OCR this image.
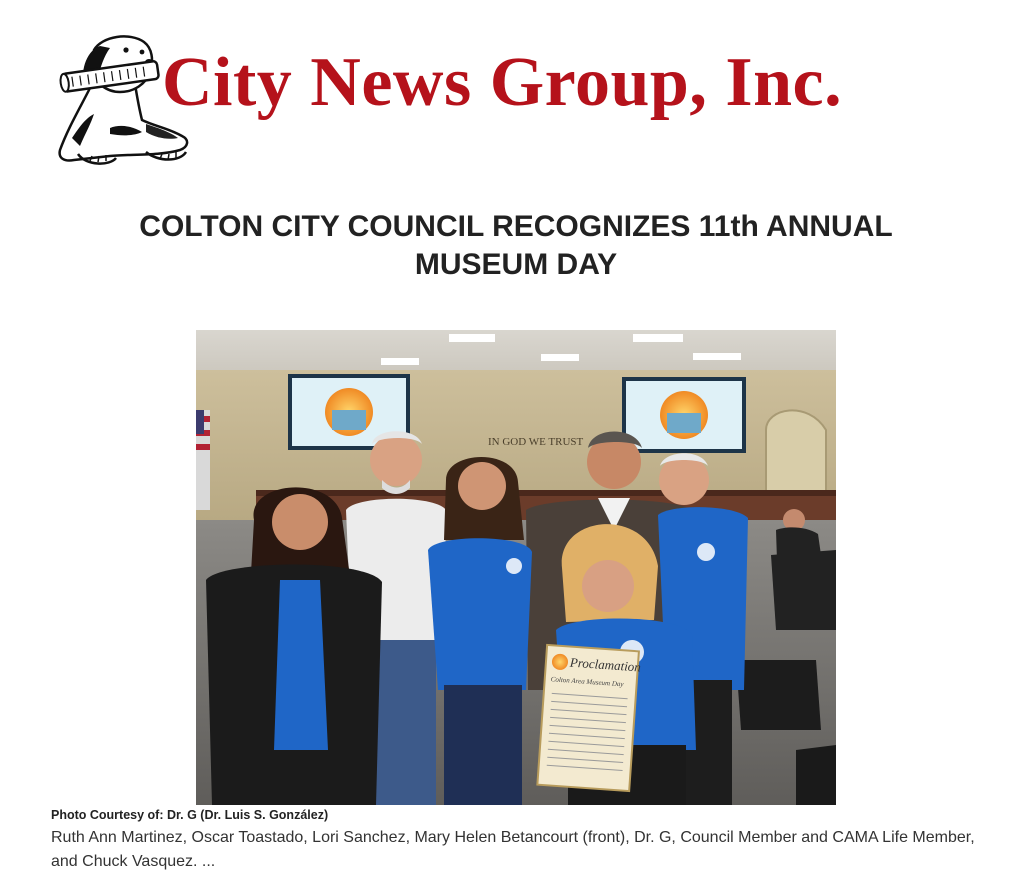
City News Group, Inc.
COLTON CITY COUNCIL RECOGNIZES 11th ANNUAL MUSEUM DAY
IN GOD WE TRUST
Proclamation
Colton Area Museum Day
Photo Courtesy of: Dr. G (Dr. Luis S. González)

Ruth Ann Martinez, Oscar Toastado, Lori Sanchez, Mary Helen Betancourt (front), Dr. G, Council Member and CAMA Life Member, and Chuck Vasquez. ...
